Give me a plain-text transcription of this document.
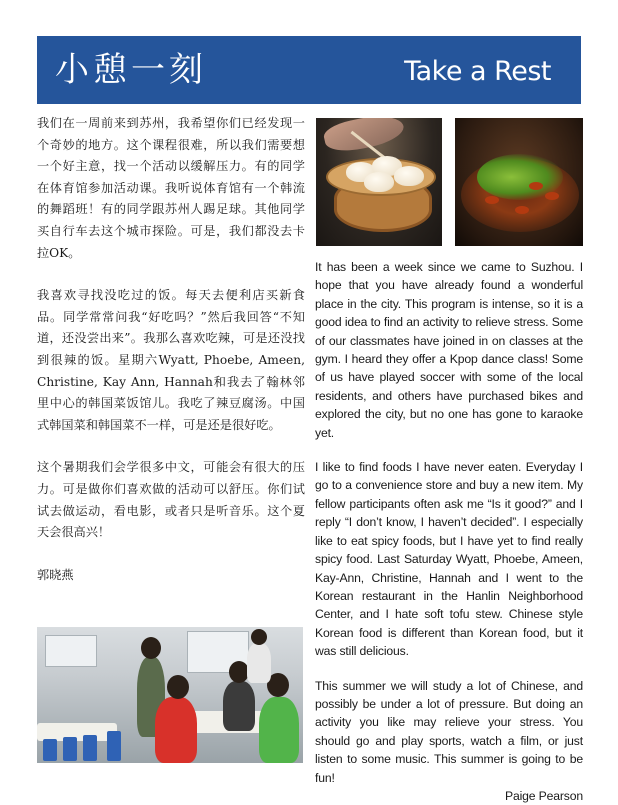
小憩一刻	Take a Rest

我们在一周前来到苏州，我希望你们已经发现一个奇妙的地方。这个课程很难，所以我们需要想一个好主意，找一个活动以缓解压力。有的同学在体育馆参加活动课。我听说体育馆有一个韩流的舞蹈班！有的同学跟苏州人踢足球。其他同学买自行车去这个城市探险。可是，我们都没去卡拉OK。

我喜欢寻找没吃过的饭。每天去便利店买新食品。同学常常问我“好吃吗？”然后我回答“不知道，还没尝出来”。我那么喜欢吃辣，可是还没找到很辣的饭。星期六Wyatt, Phoebe, Ameen, Christine, Kay Ann, Hannah和我去了翰林邻里中心的韩国菜饭馆儿。我吃了辣豆腐汤。中国式韩国菜和韩国菜不一样，可是还是很好吃。

这个暑期我们会学很多中文，可能会有很大的压力。可是做你们喜欢做的活动可以舒压。你们试试去做运动，看电影，或者只是听音乐。这个夏天会很高兴！

郭晓燕

It has been a week since we came to Suzhou. I hope that you have already found a wonderful place in the city. This program is intense, so it is a good idea to find an activity to relieve stress. Some of our classmates have joined in on classes at the gym. I heard they offer a Kpop dance class! Some of us have played soccer with some of the local residents, and others have purchased bikes and explored the city, but no one has gone to karaoke yet.

I like to find foods I have never eaten. Everyday I go to a convenience store and buy a new item. My fellow participants often ask me “Is it good?” and I reply “I don’t know, I haven’t decided”. I especially like to eat spicy foods, but I have yet to find really spicy food. Last Saturday Wyatt, Phoebe, Ameen, Kay-Ann, Christine, Hannah and I went to the Korean restaurant in the Hanlin Neighborhood Center, and I hate soft tofu stew. Chinese style Korean food is different than Korean food, but it was still delicious.

This summer we will study a lot of Chinese, and possibly be under a lot of pressure. But doing an activity you like may relieve your stress. You should go and play sports, watch a film, or just listen to some music. This summer is going to be fun!

Paige Pearson
